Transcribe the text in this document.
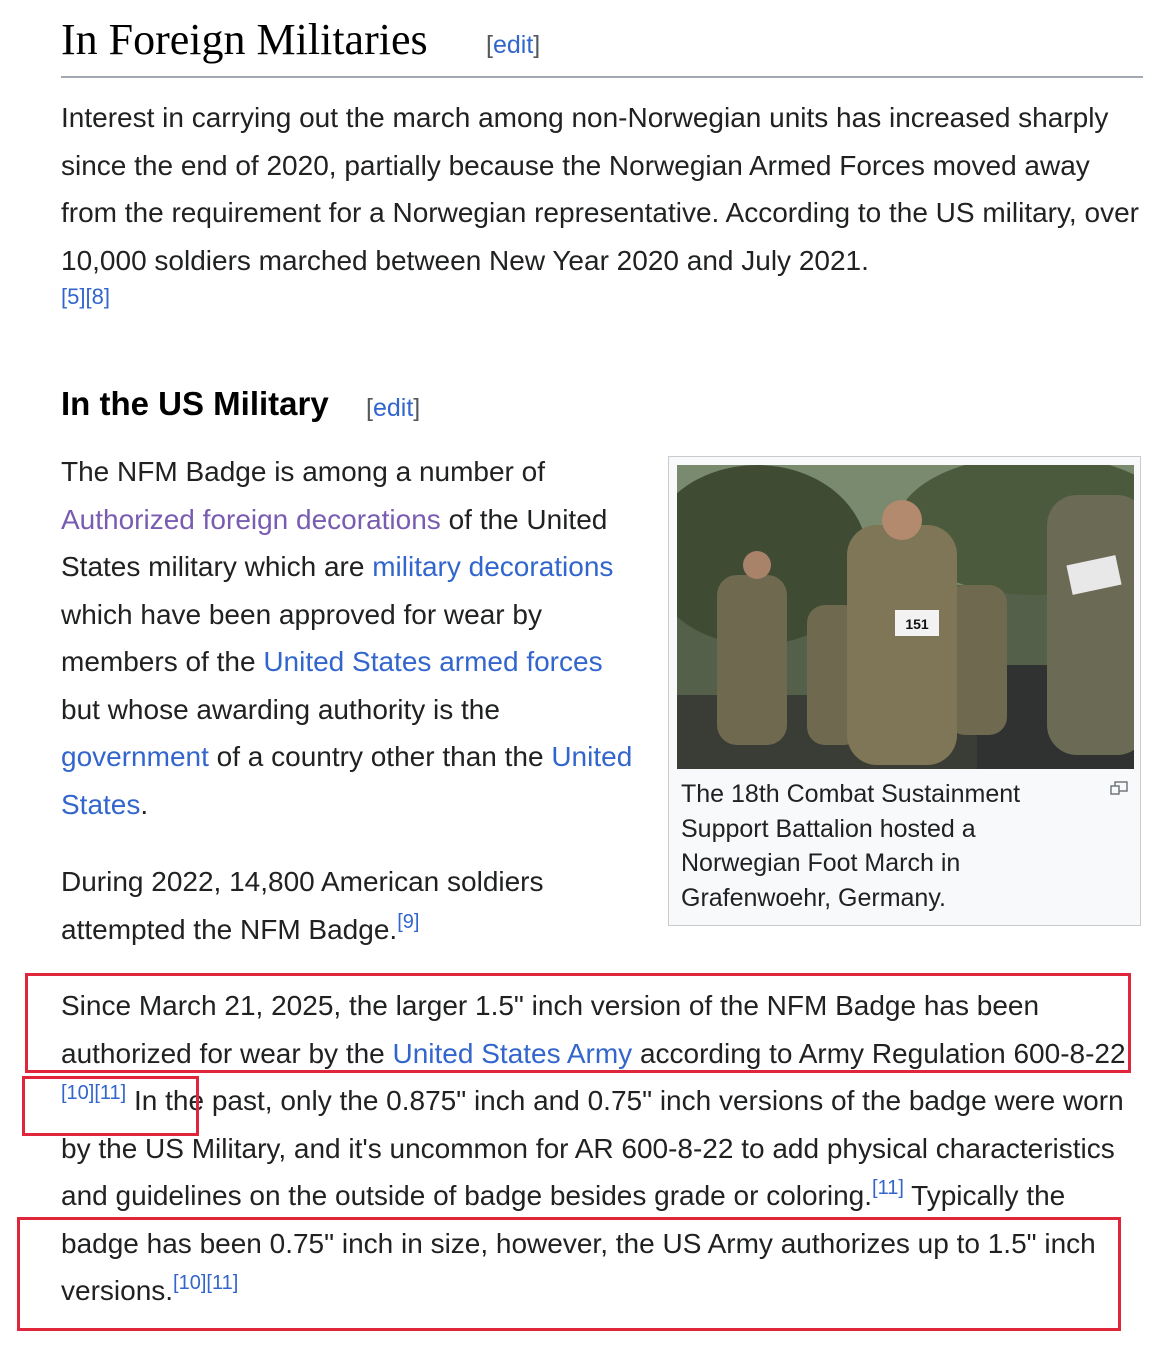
In Foreign Militaries [edit]
Interest in carrying out the march among non-Norwegian units has increased sharply since the end of 2020, partially because the Norwegian Armed Forces moved away from the requirement for a Norwegian representative. According to the US military, over 10,000 soldiers marched between New Year 2020 and July 2021.
[5][8]
In the US Military [edit]
The NFM Badge is among a number of Authorized foreign decorations of the United States military which are military decorations which have been approved for wear by members of the United States armed forces but whose awarding authority is the government of a country other than the United States.
During 2022, 14,800 American soldiers attempted the NFM Badge.[9]
151
The 18th Combat Sustainment Support Battalion hosted a Norwegian Foot March in Grafenwoehr, Germany.
Since March 21, 2025, the larger 1.5" inch version of the NFM Badge has been authorized for wear by the United States Army according to Army Regulation 600-8-22.[10][11] In the past, only the 0.875" inch and 0.75" inch versions of the badge were worn by the US Military, and it's uncommon for AR 600-8-22 to add physical characteristics and guidelines on the outside of badge besides grade or coloring.[11] Typically the badge has been 0.75" inch in size, however, the US Army authorizes up to 1.5" inch versions.[10][11]
